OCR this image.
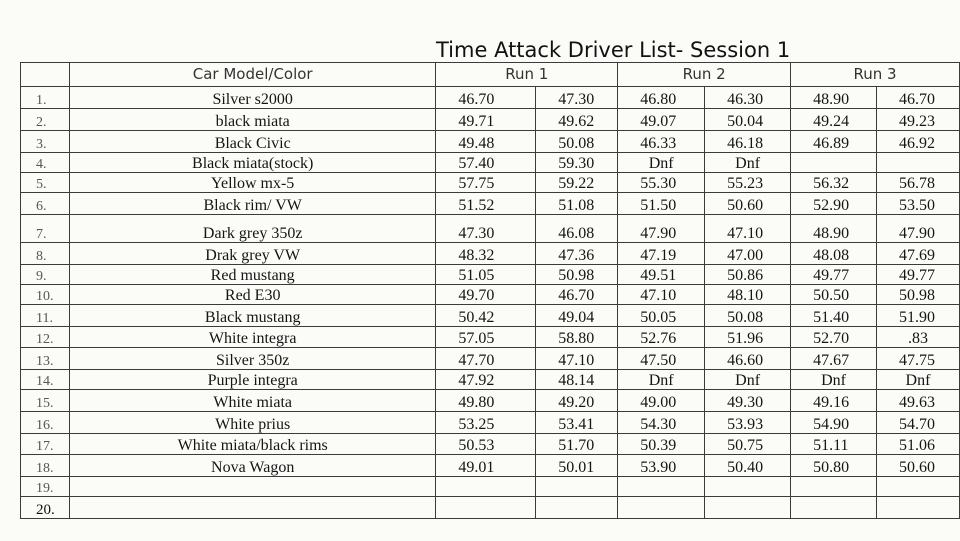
Time Attack Driver List- Session 1
	Car Model/Color	Run 1		Run 2		Run 3	
1.	Silver s2000	46.70	47.30	46.80	46.30	48.90	46.70
2.	black miata	49.71	49.62	49.07	50.04	49.24	49.23
3.	Black Civic	49.48	50.08	46.33	46.18	46.89	46.92
4.	Black miata(stock)	57.40	59.30	Dnf	Dnf		
5.	Yellow mx-5	57.75	59.22	55.30	55.23	56.32	56.78
6.	Black rim/ VW	51.52	51.08	51.50	50.60	52.90	53.50
7.	Dark grey 350z	47.30	46.08	47.90	47.10	48.90	47.90
8.	Drak grey VW	48.32	47.36	47.19	47.00	48.08	47.69
9.	Red mustang	51.05	50.98	49.51	50.86	49.77	49.77
10.	Red E30	49.70	46.70	47.10	48.10	50.50	50.98
11.	Black mustang	50.42	49.04	50.05	50.08	51.40	51.90
12.	White integra	57.05	58.80	52.76	51.96	52.70	.83
13.	Silver 350z	47.70	47.10	47.50	46.60	47.67	47.75
14.	Purple integra	47.92	48.14	Dnf	Dnf	Dnf	Dnf
15.	White miata	49.80	49.20	49.00	49.30	49.16	49.63
16.	White prius	53.25	53.41	54.30	53.93	54.90	54.70
17.	White miata/black rims	50.53	51.70	50.39	50.75	51.11	51.06
18.	Nova Wagon	49.01	50.01	53.90	50.40	50.80	50.60
19.							
20.							
